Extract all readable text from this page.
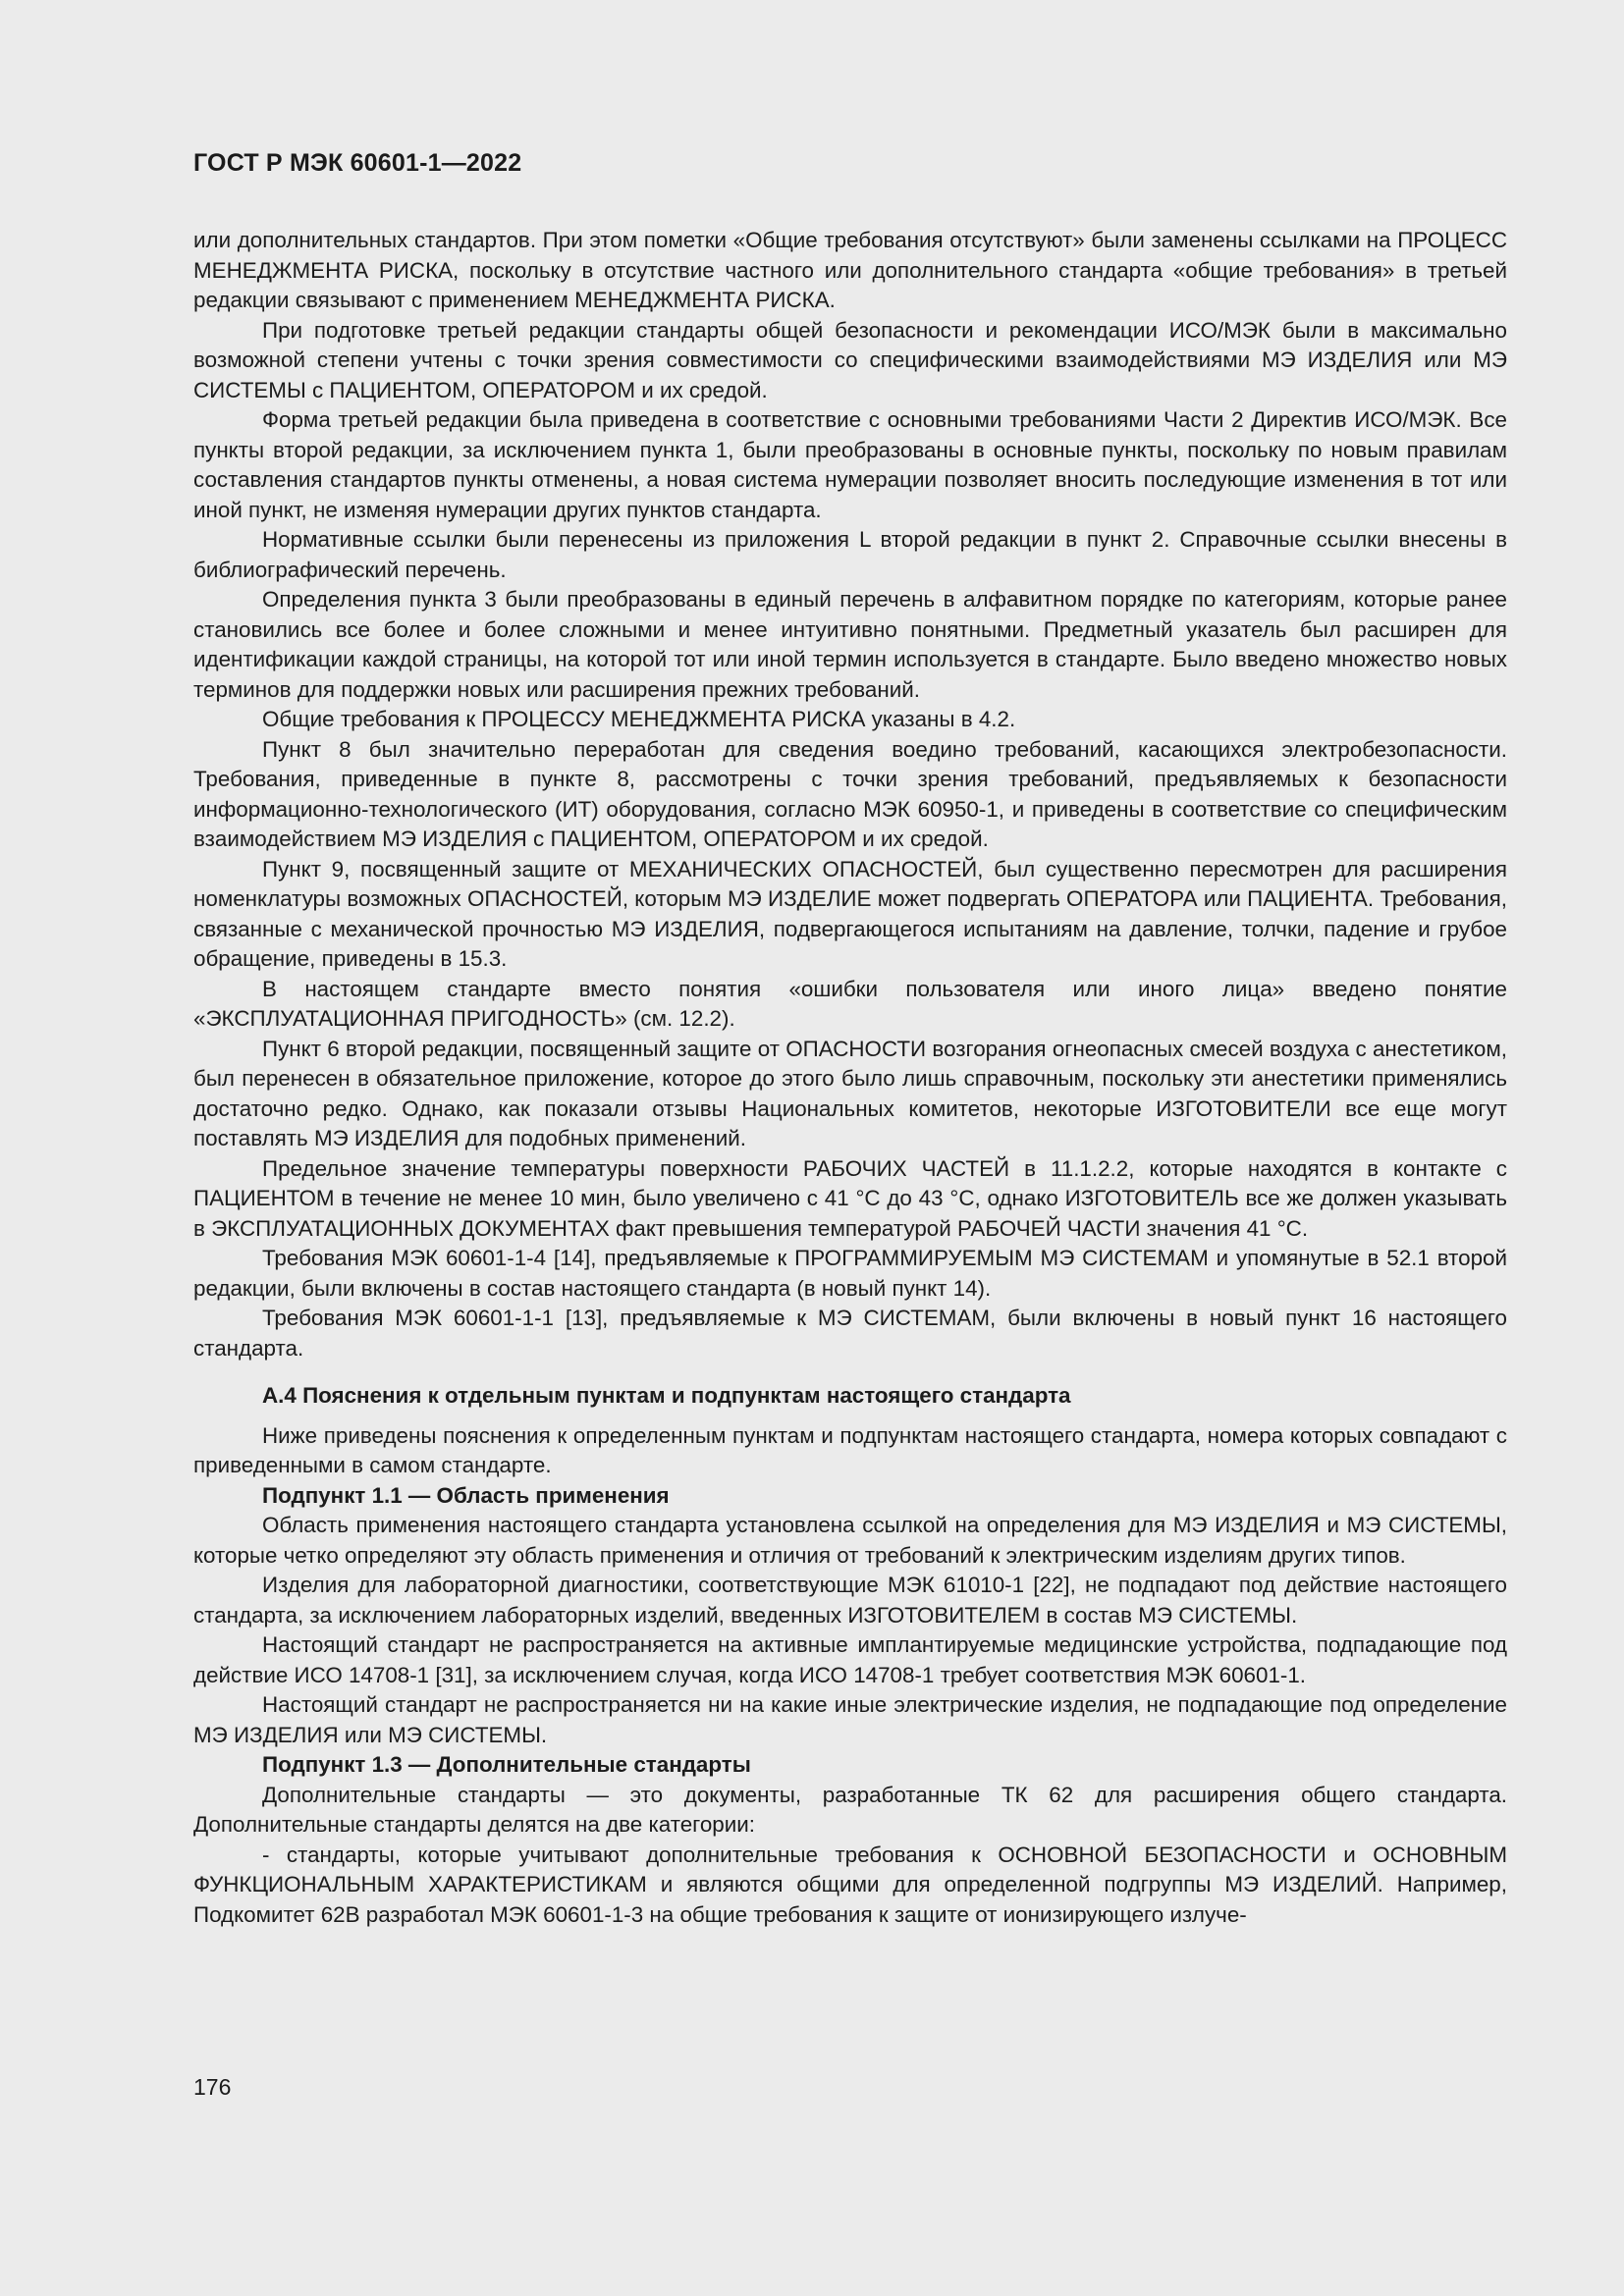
ГОСТ Р МЭК 60601-1—2022

или дополнительных стандартов. При этом пометки «Общие требования отсутствуют» были заменены ссылками на ПРОЦЕСС МЕНЕДЖМЕНТА РИСКА, поскольку в отсутствие частного или дополнительного стандарта «общие требования» в третьей редакции связывают с применением МЕНЕДЖМЕНТА РИСКА.

При подготовке третьей редакции стандарты общей безопасности и рекомендации ИСО/МЭК были в максимально возможной степени учтены с точки зрения совместимости со специфическими взаимодействиями МЭ ИЗДЕЛИЯ или МЭ СИСТЕМЫ с ПАЦИЕНТОМ, ОПЕРАТОРОМ и их средой.

Форма третьей редакции была приведена в соответствие с основными требованиями Части 2 Директив ИСО/МЭК. Все пункты второй редакции, за исключением пункта 1, были преобразованы в основные пункты, поскольку по новым правилам составления стандартов пункты отменены, а новая система нумерации позволяет вносить последующие изменения в тот или иной пункт, не изменяя нумерации других пунктов стандарта.

Нормативные ссылки были перенесены из приложения L второй редакции в пункт 2. Справочные ссылки внесены в библиографический перечень.

Определения пункта 3 были преобразованы в единый перечень в алфавитном порядке по категориям, которые ранее становились все более и более сложными и менее интуитивно понятными. Предметный указатель был расширен для идентификации каждой страницы, на которой тот или иной термин используется в стандарте. Было введено множество новых терминов для поддержки новых или расширения прежних требований.

Общие требования к ПРОЦЕССУ МЕНЕДЖМЕНТА РИСКА указаны в 4.2.

Пункт 8 был значительно переработан для сведения воедино требований, касающихся электробезопасности. Требования, приведенные в пункте 8, рассмотрены с точки зрения требований, предъявляемых к безопасности информационно-технологического (ИТ) оборудования, согласно МЭК 60950-1, и приведены в соответствие со специфическим взаимодействием МЭ ИЗДЕЛИЯ с ПАЦИЕНТОМ, ОПЕРАТОРОМ и их средой.

Пункт 9, посвященный защите от МЕХАНИЧЕСКИХ ОПАСНОСТЕЙ, был существенно пересмотрен для расширения номенклатуры возможных ОПАСНОСТЕЙ, которым МЭ ИЗДЕЛИЕ может подвергать ОПЕРАТОРА или ПАЦИЕНТА. Требования, связанные с механической прочностью МЭ ИЗДЕЛИЯ, подвергающегося испытаниям на давление, толчки, падение и грубое обращение, приведены в 15.3.

В настоящем стандарте вместо понятия «ошибки пользователя или иного лица» введено понятие «ЭКСПЛУАТАЦИОННАЯ ПРИГОДНОСТЬ» (см. 12.2).

Пункт 6 второй редакции, посвященный защите от ОПАСНОСТИ возгорания огнеопасных смесей воздуха с анестетиком, был перенесен в обязательное приложение, которое до этого было лишь справочным, поскольку эти анестетики применялись достаточно редко. Однако, как показали отзывы Национальных комитетов, некоторые ИЗГОТОВИТЕЛИ все еще могут поставлять МЭ ИЗДЕЛИЯ для подобных применений.

Предельное значение температуры поверхности РАБОЧИХ ЧАСТЕЙ в 11.1.2.2, которые находятся в контакте с ПАЦИЕНТОМ в течение не менее 10 мин, было увеличено с 41 °C до 43 °C, однако ИЗГОТОВИТЕЛЬ все же должен указывать в ЭКСПЛУАТАЦИОННЫХ ДОКУМЕНТАХ факт превышения температурой РАБОЧЕЙ ЧАСТИ значения 41 °C.

Требования МЭК 60601-1-4 [14], предъявляемые к ПРОГРАММИРУЕМЫМ МЭ СИСТЕМАМ и упомянутые в 52.1 второй редакции, были включены в состав настоящего стандарта (в новый пункт 14).

Требования МЭК 60601-1-1 [13], предъявляемые к МЭ СИСТЕМАМ, были включены в новый пункт 16 настоящего стандарта.

А.4 Пояснения к отдельным пунктам и подпунктам настоящего стандарта

Ниже приведены пояснения к определенным пунктам и подпунктам настоящего стандарта, номера которых совпадают с приведенными в самом стандарте.

Подпункт 1.1 — Область применения

Область применения настоящего стандарта установлена ссылкой на определения для МЭ ИЗДЕЛИЯ и МЭ СИСТЕМЫ, которые четко определяют эту область применения и отличия от требований к электрическим изделиям других типов.

Изделия для лабораторной диагностики, соответствующие МЭК 61010-1 [22], не подпадают под действие настоящего стандарта, за исключением лабораторных изделий, введенных ИЗГОТОВИТЕЛЕМ в состав МЭ СИСТЕМЫ.

Настоящий стандарт не распространяется на активные имплантируемые медицинские устройства, подпадающие под действие ИСО 14708-1 [31], за исключением случая, когда ИСО 14708-1 требует соответствия МЭК 60601-1.

Настоящий стандарт не распространяется ни на какие иные электрические изделия, не подпадающие под определение МЭ ИЗДЕЛИЯ или МЭ СИСТЕМЫ.

Подпункт 1.3 — Дополнительные стандарты

Дополнительные стандарты — это документы, разработанные ТК 62 для расширения общего стандарта. Дополнительные стандарты делятся на две категории:

- стандарты, которые учитывают дополнительные требования к ОСНОВНОЙ БЕЗОПАСНОСТИ и ОСНОВНЫМ ФУНКЦИОНАЛЬНЫМ ХАРАКТЕРИСТИКАМ и являются общими для определенной подгруппы МЭ ИЗДЕЛИЙ. Например, Подкомитет 62В разработал МЭК 60601-1-3 на общие требования к защите от ионизирующего излуче-

176
